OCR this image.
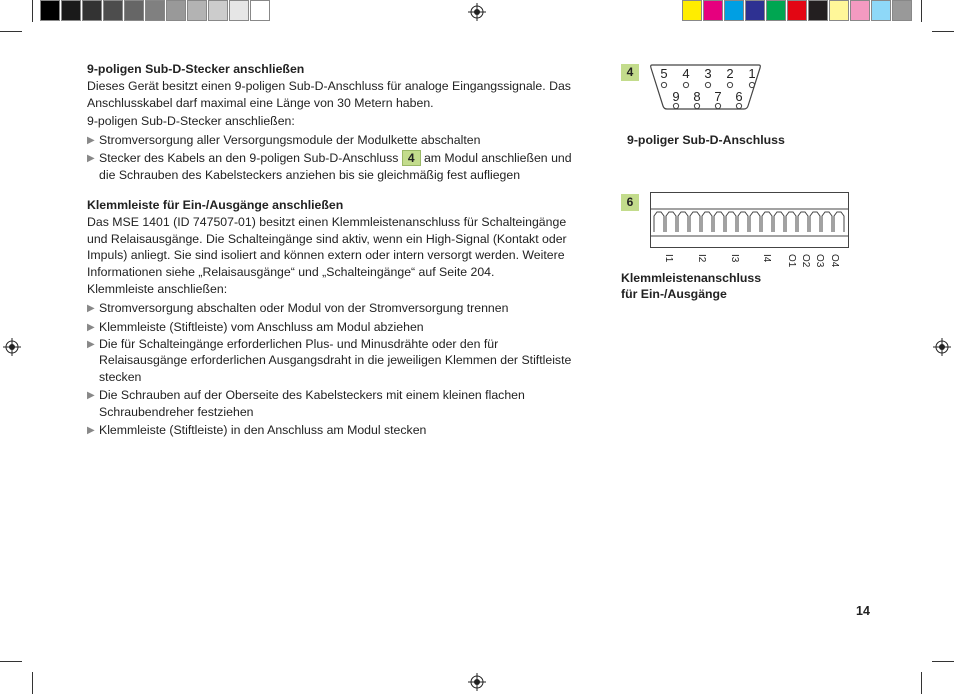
9-poligen Sub-D-Stecker anschließen
Dieses Gerät besitzt einen 9-poligen Sub-D-Anschluss für analoge Eingangssignale. Das
Anschlusskabel darf maximal eine Länge von 30 Metern haben.
9-poligen Sub-D-Stecker anschließen:
▶ Stromversorgung aller Versorgungsmodule der Modulkette abschalten
▶ Stecker des Kabels an den 9-poligen Sub-D-Anschluss 4 am Modul anschließen und
die Schrauben des Kabelsteckers anziehen bis sie gleichmäßig fest aufliegen
Klemmleiste für Ein-/Ausgänge anschließen
Das MSE 1401 (ID 747507-01) besitzt einen Klemmleistenanschluss für Schalteingänge
und Relaisausgänge. Die Schalteingänge sind aktiv, wenn ein High-Signal (Kontakt oder
Impuls) anliegt. Sie sind isoliert and können extern oder intern versorgt werden. Weitere
Informationen siehe „Relaisausgänge“ und „Schalteingänge“ auf Seite 204.
Klemmleiste anschließen:
▶ Stromversorgung abschalten oder Modul von der Stromversorgung trennen
▶ Klemmleiste (Stiftleiste) vom Anschluss am Modul abziehen
▶ Die für Schalteingänge erforderlichen Plus- und Minusdrähte oder den für
Relaisausgänge erforderlichen Ausgangsdraht in die jeweiligen Klemmen der Stiftleiste
stecken
▶ Die Schrauben auf der Oberseite des Kabelsteckers mit einem kleinen flachen
Schraubendreher festziehen
▶ Klemmleiste (Stiftleiste) in den Anschluss am Modul stecken
4	5 4 3 2 1
9 8 7 6
9-poliger Sub-D-Anschluss
6
I1 I2 I3 I4 O1 O2 O3 O4
Klemmleistenanschluss
für Ein-/Ausgänge
14
